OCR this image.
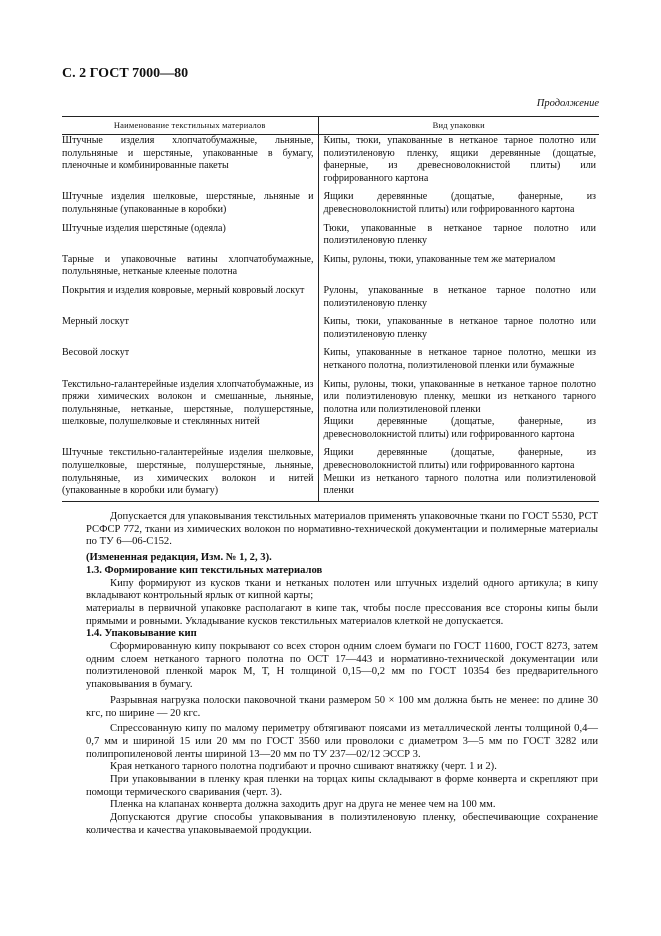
С. 2 ГОСТ 7000—80
Продолжение
Наименование текстильных материалов	Вид упаковки
Штучные изделия хлопчатобумажные, льняные, полульняные и шерстяные, упакованные в бумагу, пленочные и комбинированные пакеты	Кипы, тюки, упакованные в нетканое тарное полотно или полиэтиленовую пленку, ящики деревянные (дощатые, фанерные, из древесноволокнистой плиты) или гофрированного картона
Штучные изделия шелковые, шерстяные, льняные и полульняные (упакованные в коробки)	Ящики деревянные (дощатые, фанерные, из древесноволокнистой плиты) или гофрированного картона
Штучные изделия шерстяные (одеяла)	Тюки, упакованные в нетканое тарное полотно или полиэтиленовую пленку
Тарные и упаковочные ватины хлопчатобумажные, полульняные, нетканые клееные полотна	Кипы, рулоны, тюки, упакованные тем же материалом
Покрытия и изделия ковровые, мерный ковровый лоскут	Рулоны, упакованные в нетканое тарное полотно или полиэтиленовую пленку
Мерный лоскут	Кипы, тюки, упакованные в нетканое тарное полотно или полиэтиленовую пленку
Весовой лоскут	Кипы, упакованные в нетканое тарное полотно, мешки из нетканого полотна, полиэтиленовой пленки или бумажные
Текстильно-галантерейные изделия хлопчатобумажные, из пряжи химических волокон и смешанные, льняные, полульняные, нетканые, шерстяные, полушерстяные, шелковые, полушелковые и стеклянных нитей	Кипы, рулоны, тюки, упакованные в нетканое тарное полотно или полиэтиленовую пленку, мешки из нетканого тарного полотна или полиэтиленовой пленки
Ящики деревянные (дощатые, фанерные, из древесноволокнистой плиты) или гофрированного картона

Штучные текстильно-галантерейные изделия шелковые, полушелковые, шерстяные, полушерстяные, льняные, полульняные, из химических волокон и нитей (упакованные в коробки или бумагу)	Ящики деревянные (дощатые, фанерные, из древесноволокнистой плиты) или гофрированного картона
Мешки из нетканого тарного полотна или полиэтиленовой пленки

Допускается для упаковывания текстильных материалов применять упаковочные ткани по ГОСТ 5530, РСТ РСФСР 772, ткани из химических волокон по нормативно-технической документации и полимерные материалы по ТУ 6—06-С152.

(Измененная редакция, Изм. № 1, 2, 3).

1.3. Формирование кип текстильных материалов

Кипу формируют из кусков ткани и нетканых полотен или штучных изделий одного артикула; в кипу вкладывают контрольный ярлык от кипной карты;

материалы в первичной упаковке располагают в кипе так, чтобы после прессования все стороны кипы были прямыми и ровными. Укладывание кусков текстильных материалов клеткой не допускается.

1.4. Упаковывание кип

Сформированную кипу покрывают со всех сторон одним слоем бумаги по ГОСТ 11600, ГОСТ 8273, затем одним слоем нетканого тарного полотна по ОСТ 17—443 и нормативно-технической документации или полиэтиленовой пленкой марок М, Т, Н толщиной 0,15—0,2 мм по ГОСТ 10354 без предварительного упаковывания в бумагу.

Разрывная нагрузка полоски паковочной ткани размером 50 × 100 мм должна быть не менее: по длине 30 кгс, по ширине — 20 кгс.

Спрессованную кипу по малому периметру обтягивают поясами из металлической ленты толщиной 0,4—0,7 мм и шириной 15 или 20 мм по ГОСТ 3560 или проволоки с диаметром 3—5 мм по ГОСТ 3282 или полипропиленовой ленты шириной 13—20 мм по ТУ 237—02/12 ЭССР 3.

Края нетканого тарного полотна подгибают и прочно сшивают внатяжку (черт. 1 и 2).

При упаковывании в пленку края пленки на торцах кипы складывают в форме конверта и скрепляют при помощи термического сваривания (черт. 3).

Пленка на клапанах конверта должна заходить друг на друга не менее чем на 100 мм.

Допускаются другие способы упаковывания в полиэтиленовую пленку, обеспечивающие сохранение количества и качества упаковываемой продукции.
